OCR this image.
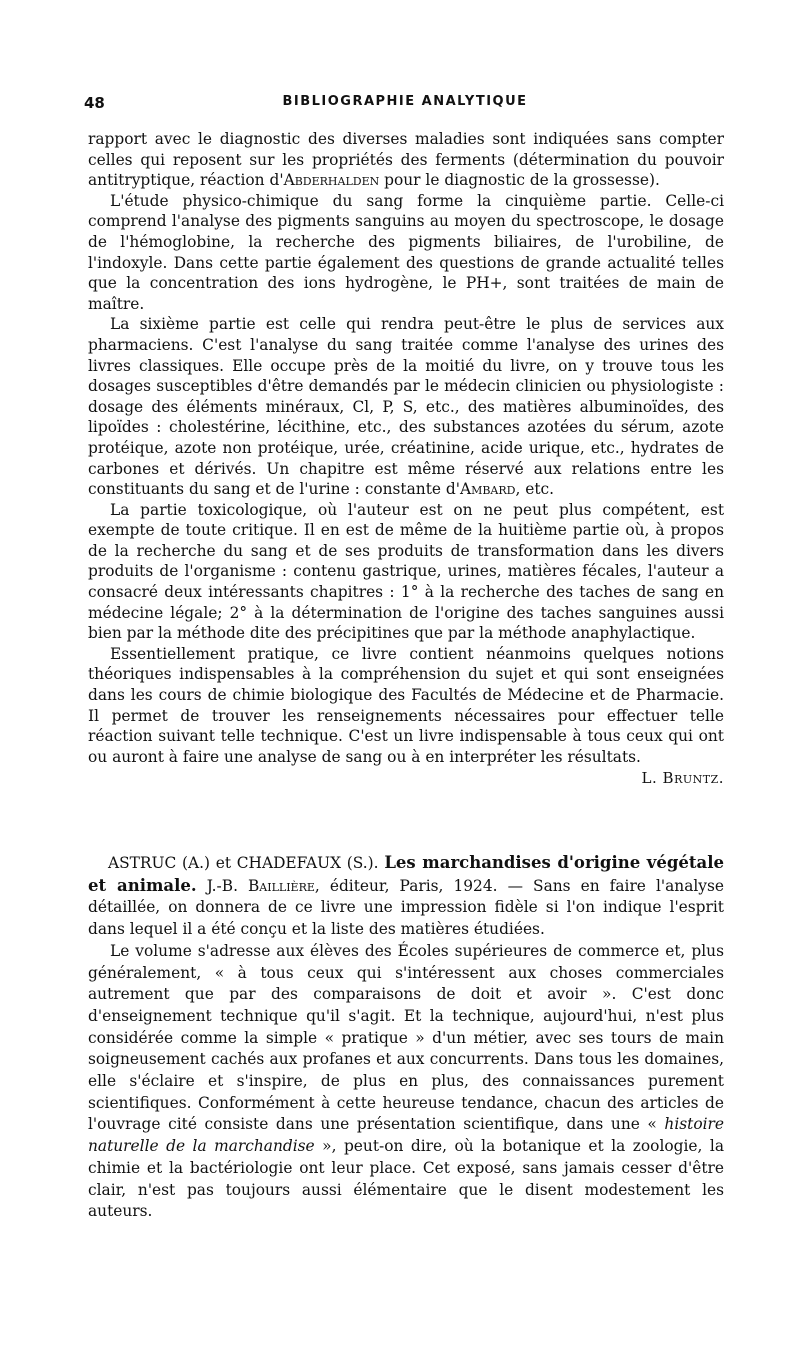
48	BIBLIOGRAPHIE ANALYTIQUE

rapport avec le diagnostic des diverses maladies sont indiquées sans compter celles qui reposent sur les propriétés des ferments (détermination du pouvoir antitryptique, réaction d'Abderhalden pour le diagnostic de la grossesse).

L'étude physico-chimique du sang forme la cinquième partie. Celle-ci comprend l'analyse des pigments sanguins au moyen du spectroscope, le dosage de l'hémoglobine, la recherche des pigments biliaires, de l'urobiline, de l'indoxyle. Dans cette partie également des questions de grande actualité telles que la concentration des ions hydrogène, le PH+, sont traitées de main de maître.

La sixième partie est celle qui rendra peut-être le plus de services aux pharmaciens. C'est l'analyse du sang traitée comme l'analyse des urines des livres classiques. Elle occupe près de la moitié du livre, on y trouve tous les dosages susceptibles d'être demandés par le médecin clinicien ou physiologiste : dosage des éléments minéraux, Cl, P, S, etc., des matières albuminoïdes, des lipoïdes : cholestérine, lécithine, etc., des substances azotées du sérum, azote protéique, azote non protéique, urée, créatinine, acide urique, etc., hydrates de carbones et dérivés. Un chapitre est même réservé aux relations entre les constituants du sang et de l'urine : constante d'Ambard, etc.

La partie toxicologique, où l'auteur est on ne peut plus compétent, est exempte de toute critique. Il en est de même de la huitième partie où, à propos de la recherche du sang et de ses produits de transformation dans les divers produits de l'organisme : contenu gastrique, urines, matières fécales, l'auteur a consacré deux intéressants chapitres : 1° à la recherche des taches de sang en médecine légale; 2° à la détermination de l'origine des taches sanguines aussi bien par la méthode dite des précipitines que par la méthode anaphylactique.

Essentiellement pratique, ce livre contient néanmoins quelques notions théoriques indispensables à la compréhension du sujet et qui sont enseignées dans les cours de chimie biologique des Facultés de Médecine et de Pharmacie. Il permet de trouver les renseignements nécessaires pour effectuer telle réaction suivant telle technique. C'est un livre indispensable à tous ceux qui ont ou auront à faire une analyse de sang ou à en interpréter les résultats.

L. Bruntz.

ASTRUC (A.) et CHADEFAUX (S.). Les marchandises d'origine végétale et animale. J.-B. Baillière, éditeur, Paris, 1924. — Sans en faire l'analyse détaillée, on donnera de ce livre une impression fidèle si l'on indique l'esprit dans lequel il a été conçu et la liste des matières étudiées.

Le volume s'adresse aux élèves des Écoles supérieures de commerce et, plus généralement, « à tous ceux qui s'intéressent aux choses commerciales autrement que par des comparaisons de doit et avoir ». C'est donc d'enseignement technique qu'il s'agit. Et la technique, aujourd'hui, n'est plus considérée comme la simple « pratique » d'un métier, avec ses tours de main soigneusement cachés aux profanes et aux concurrents. Dans tous les domaines, elle s'éclaire et s'inspire, de plus en plus, des connaissances purement scientifiques. Conformément à cette heureuse tendance, chacun des articles de l'ouvrage cité consiste dans une présentation scientifique, dans une « histoire naturelle de la marchandise », peut-on dire, où la botanique et la zoologie, la chimie et la bactériologie ont leur place. Cet exposé, sans jamais cesser d'être clair, n'est pas toujours aussi élémentaire que le disent modestement les auteurs.
